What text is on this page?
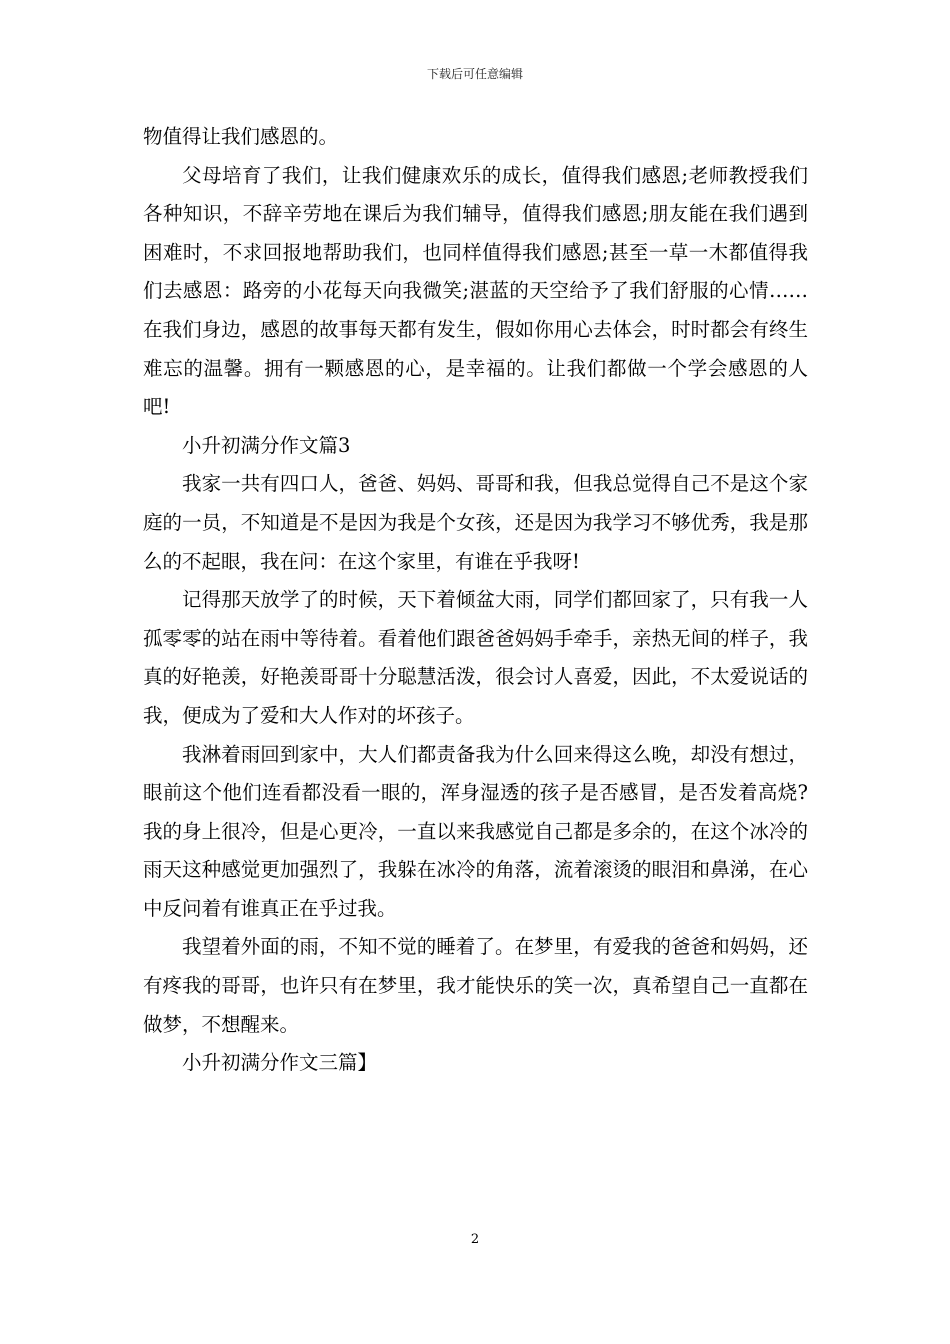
下载后可任意编辑

物值得让我们感恩的。

父母培育了我们，让我们健康欢乐的成长，值得我们感恩;老师教授我们各种知识，不辞辛劳地在课后为我们辅导，值得我们感恩;朋友能在我们遇到困难时，不求回报地帮助我们，也同样值得我们感恩;甚至一草一木都值得我们去感恩：路旁的小花每天向我微笑;湛蓝的天空给予了我们舒服的心情……在我们身边，感恩的故事每天都有发生，假如你用心去体会，时时都会有终生难忘的温馨。拥有一颗感恩的心，是幸福的。让我们都做一个学会感恩的人吧!

小升初满分作文篇3

我家一共有四口人，爸爸、妈妈、哥哥和我，但我总觉得自己不是这个家庭的一员，不知道是不是因为我是个女孩，还是因为我学习不够优秀，我是那么的不起眼，我在问：在这个家里，有谁在乎我呀!

记得那天放学了的时候，天下着倾盆大雨，同学们都回家了，只有我一人孤零零的站在雨中等待着。看着他们跟爸爸妈妈手牵手，亲热无间的样子，我真的好艳羡，好艳羡哥哥十分聪慧活泼，很会讨人喜爱，因此，不太爱说话的我，便成为了爱和大人作对的坏孩子。

我淋着雨回到家中，大人们都责备我为什么回来得这么晚，却没有想过，眼前这个他们连看都没看一眼的，浑身湿透的孩子是否感冒，是否发着高烧?我的身上很冷，但是心更冷，一直以来我感觉自己都是多余的，在这个冰冷的雨天这种感觉更加强烈了，我躲在冰冷的角落，流着滚烫的眼泪和鼻涕，在心中反问着有谁真正在乎过我。

我望着外面的雨，不知不觉的睡着了。在梦里，有爱我的爸爸和妈妈，还有疼我的哥哥，也许只有在梦里，我才能快乐的笑一次，真希望自己一直都在做梦，不想醒来。

小升初满分作文三篇】

2
